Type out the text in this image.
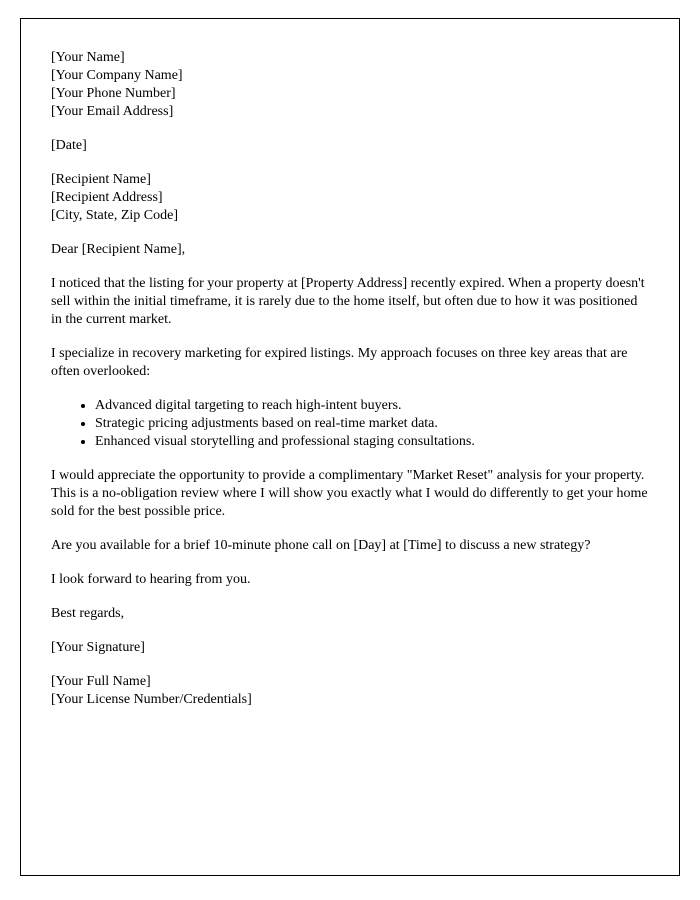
[Your Name]
[Your Company Name]
[Your Phone Number]
[Your Email Address]
[Date]
[Recipient Name]
[Recipient Address]
[City, State, Zip Code]

Dear [Recipient Name],

I noticed that the listing for your property at [Property Address] recently expired. When a property doesn't sell within the initial timeframe, it is rarely due to the home itself, but often due to how it was positioned in the current market.

I specialize in recovery marketing for expired listings. My approach focuses on three key areas that are often overlooked:

• Advanced digital targeting to reach high-intent buyers.
• Strategic pricing adjustments based on real-time market data.
• Enhanced visual storytelling and professional staging consultations.

I would appreciate the opportunity to provide a complimentary "Market Reset" analysis for your property. This is a no-obligation review where I will show you exactly what I would do differently to get your home sold for the best possible price.

Are you available for a brief 10-minute phone call on [Day] at [Time] to discuss a new strategy?

I look forward to hearing from you.

Best regards,

[Your Signature]

[Your Full Name]
[Your License Number/Credentials]
